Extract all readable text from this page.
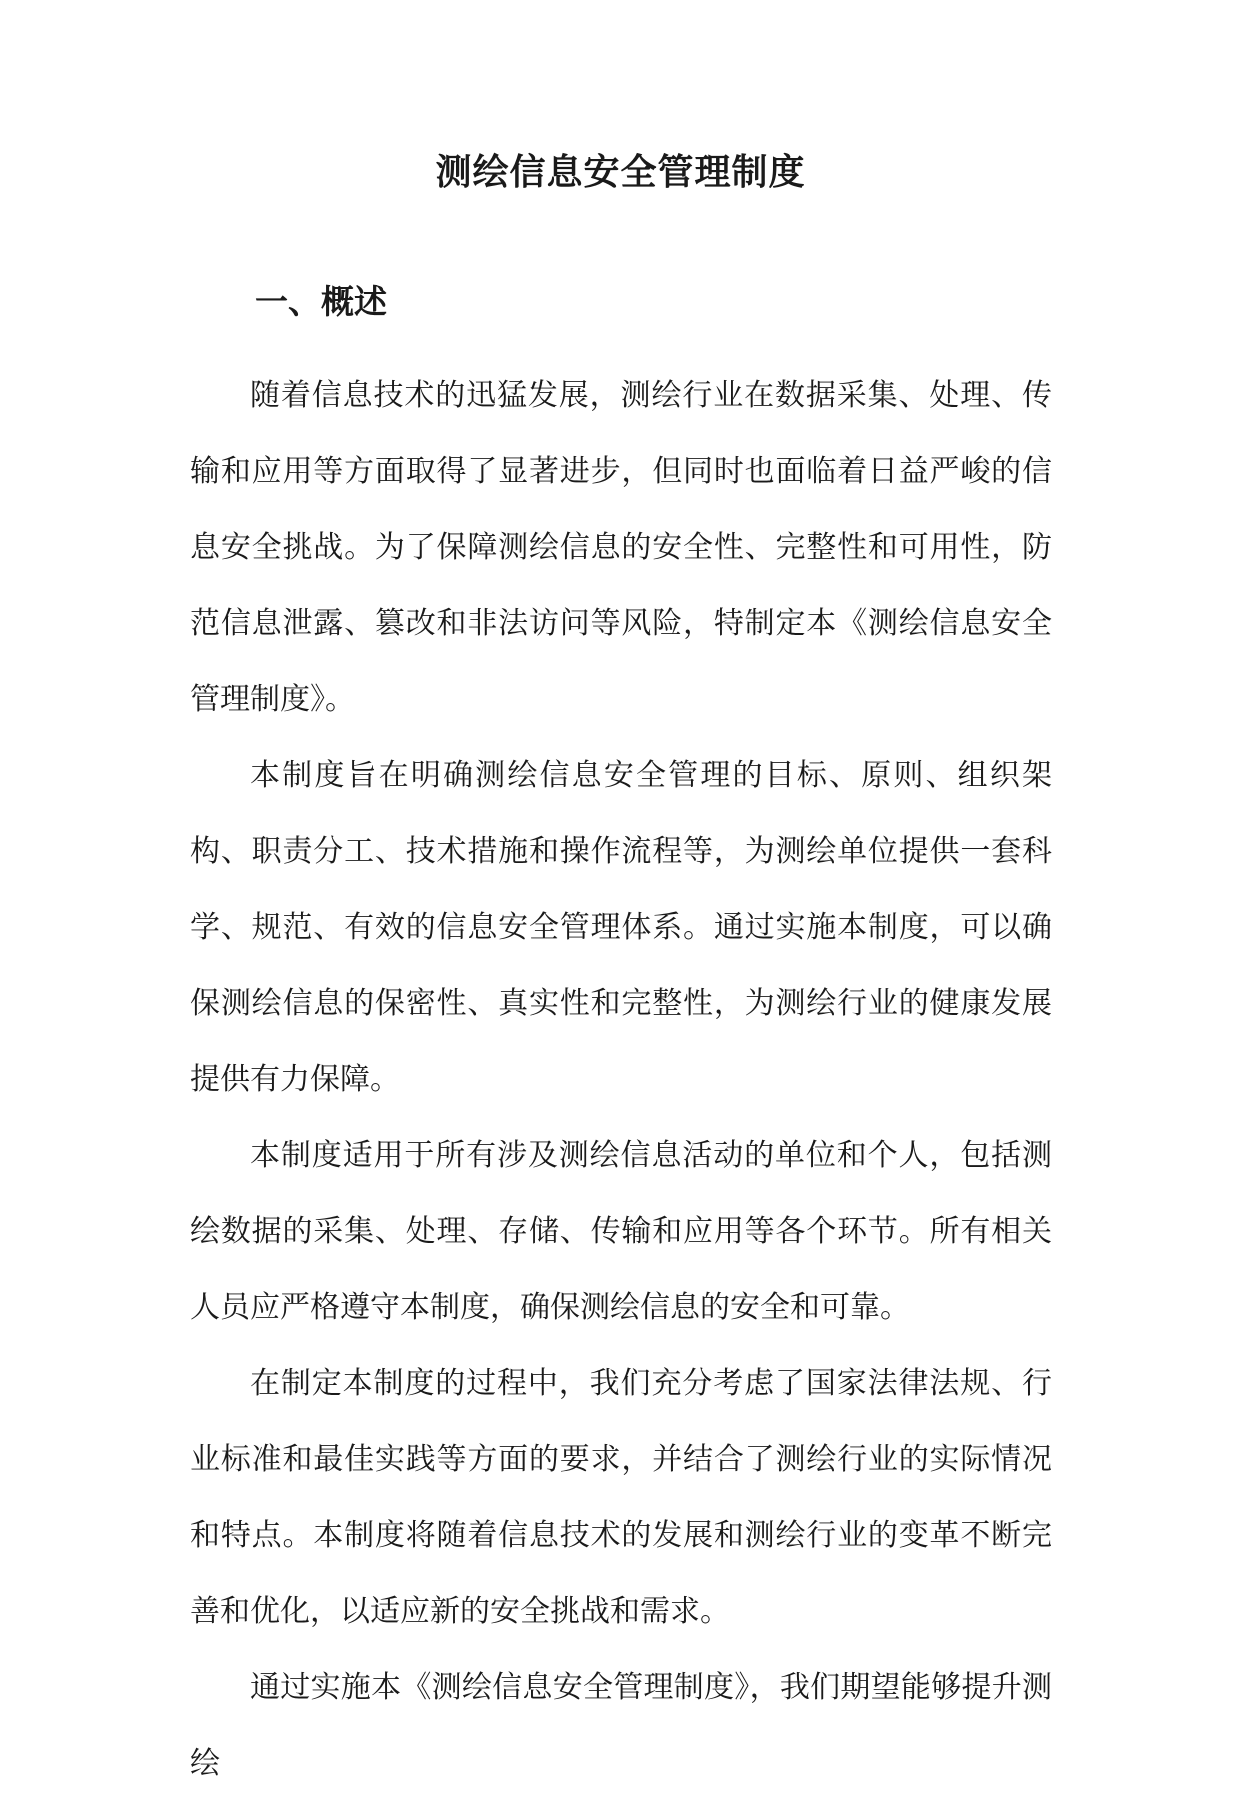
测绘信息安全管理制度
一、概述

随着信息技术的迅猛发展，测绘行业在数据采集、处理、传输和应用等方面取得了显著进步，但同时也面临着日益严峻的信息安全挑战。为了保障测绘信息的安全性、完整性和可用性，防范信息泄露、篡改和非法访问等风险，特制定本《测绘信息安全管理制度》。

本制度旨在明确测绘信息安全管理的目标、原则、组织架构、职责分工、技术措施和操作流程等，为测绘单位提供一套科学、规范、有效的信息安全管理体系。通过实施本制度，可以确保测绘信息的保密性、真实性和完整性，为测绘行业的健康发展提供有力保障。

本制度适用于所有涉及测绘信息活动的单位和个人，包括测绘数据的采集、处理、存储、传输和应用等各个环节。所有相关人员应严格遵守本制度，确保测绘信息的安全和可靠。

在制定本制度的过程中，我们充分考虑了国家法律法规、行业标准和最佳实践等方面的要求，并结合了测绘行业的实际情况和特点。本制度将随着信息技术的发展和测绘行业的变革不断完善和优化，以适应新的安全挑战和需求。

通过实施本《测绘信息安全管理制度》，我们期望能够提升测绘
